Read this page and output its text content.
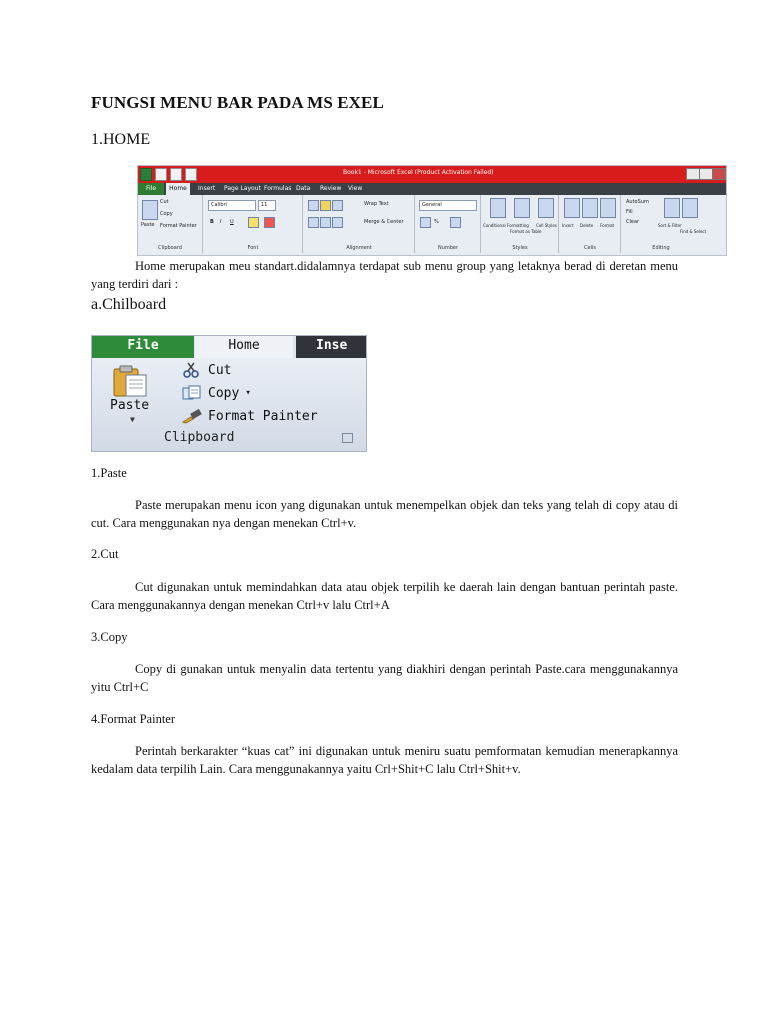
FUNGSI MENU BAR PADA MS EXEL
1.HOME
Book1 - Microsoft Excel (Product Activation Failed)
File	Home	Insert Page Layout Formulas Data Review View
Paste
Cut
Copy
Format Painter
Clipboard
Calibri	11
B I U
Font
Wrap Text
Merge & Center
Alignment
General
%
Number
Conditional Formatting
Format as Table
Cell Styles
Styles
Insert Delete Format
Cells
AutoSum
Fill
Clear
Sort & Filter
Find & Select
Editing
Home merupakan meu standart.didalamnya terdapat sub menu group yang letaknya berad di deretan menu yang terdiri dari :
a.Chilboard
File	Home	Inse
Paste
▼
Cut
Copy ▾
Format Painter
Clipboard
1.Paste
Paste merupakan menu icon yang digunakan untuk menempelkan objek dan teks yang telah di copy atau di cut. Cara menggunakan nya dengan menekan Ctrl+v.
2.Cut
Cut digunakan untuk memindahkan data atau objek terpilih ke daerah lain dengan bantuan perintah paste. Cara menggunakannya dengan menekan Ctrl+v lalu Ctrl+A
3.Copy
Copy di gunakan untuk menyalin data tertentu yang diakhiri dengan perintah Paste.cara menggunakannya yitu Ctrl+C
4.Format Painter
Perintah berkarakter “kuas cat” ini digunakan untuk meniru suatu pemformatan kemudian menerapkannya kedalam data terpilih Lain. Cara menggunakannya yaitu Crl+Shit+C lalu Ctrl+Shit+v.
